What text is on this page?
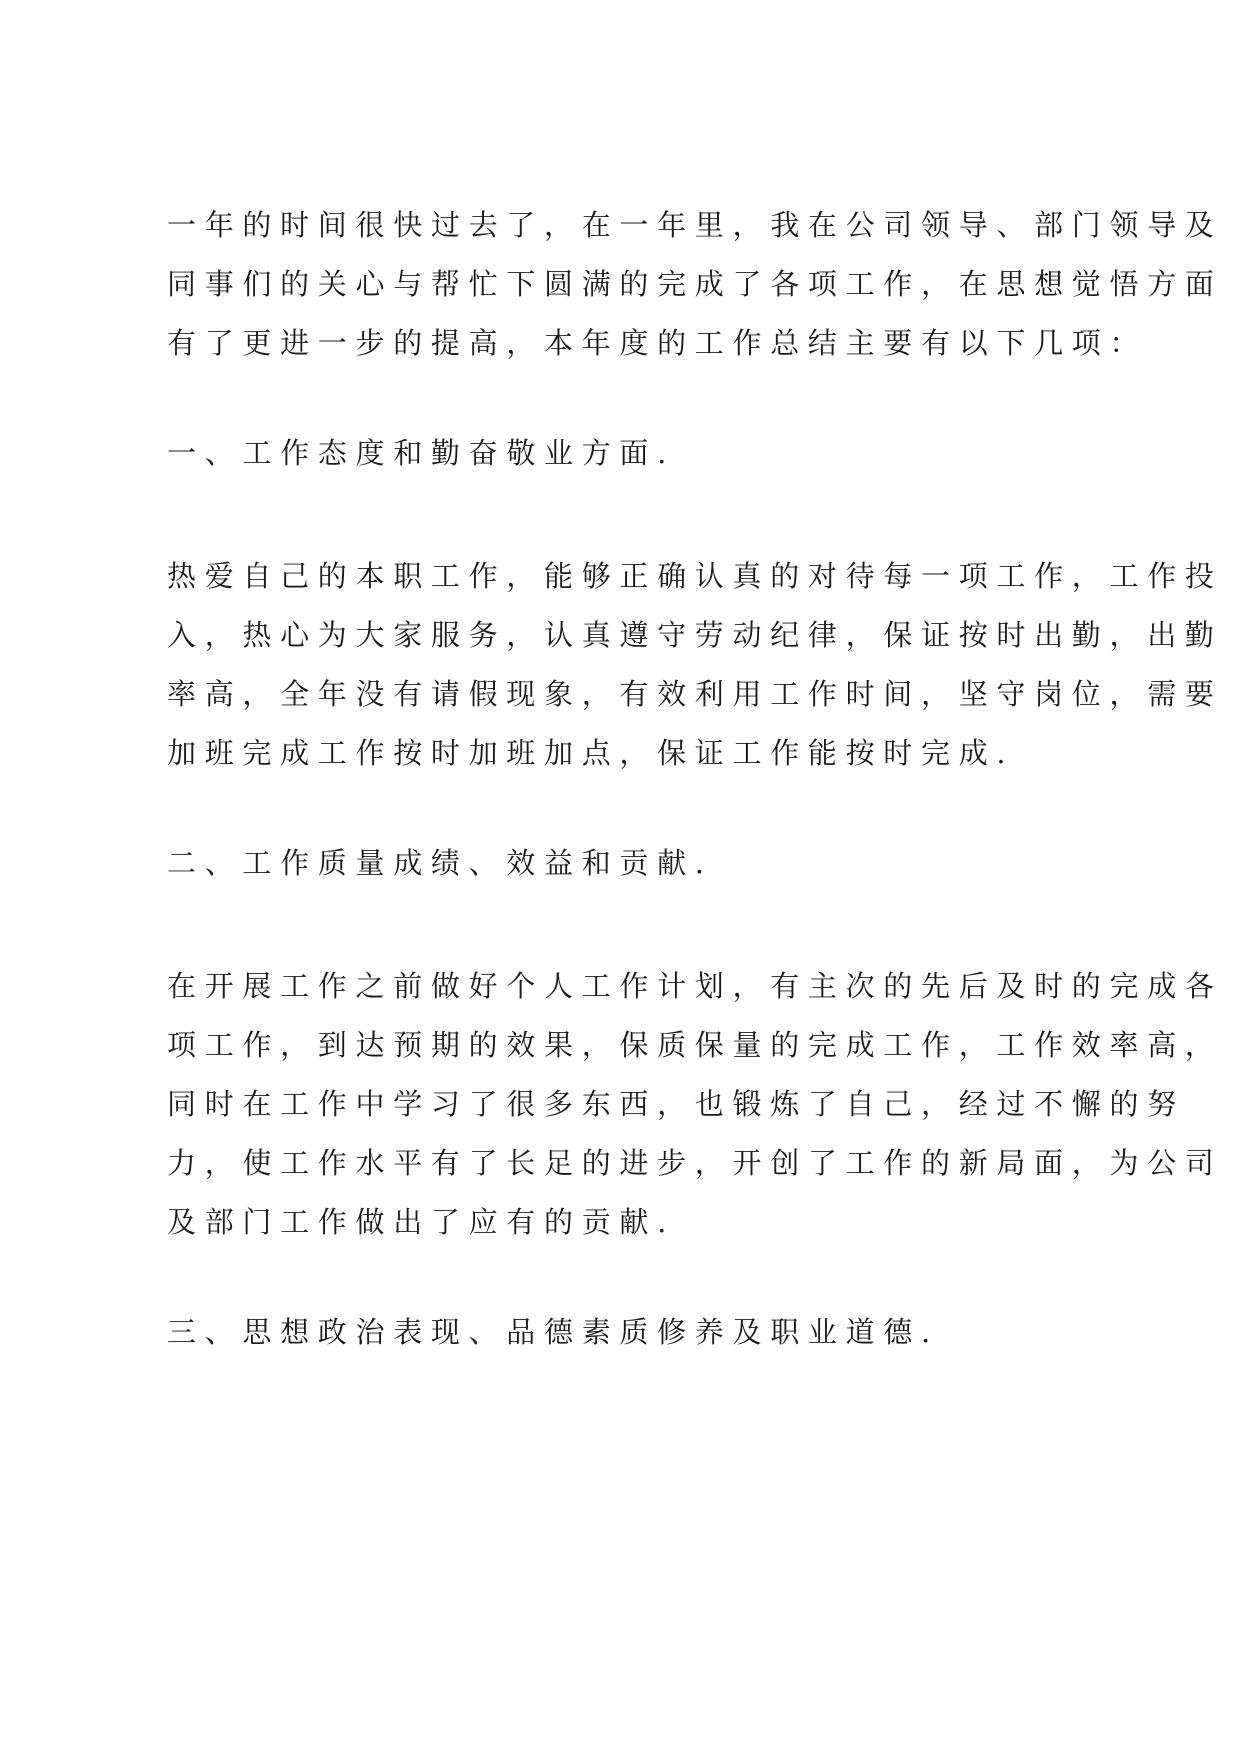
一年的时间很快过去了，在一年里，我在公司领导、部门领导及

同事们的关心与帮忙下圆满的完成了各项工作，在思想觉悟方面

有了更进一步的提高，本年度的工作总结主要有以下几项：

一、工作态度和勤奋敬业方面.

热爱自己的本职工作，能够正确认真的对待每一项工作，工作投

入，热心为大家服务，认真遵守劳动纪律，保证按时出勤，出勤

率高，全年没有请假现象，有效利用工作时间，坚守岗位，需要

加班完成工作按时加班加点，保证工作能按时完成.

二、工作质量成绩、效益和贡献.

在开展工作之前做好个人工作计划，有主次的先后及时的完成各

项工作，到达预期的效果，保质保量的完成工作，工作效率高，

同时在工作中学习了很多东西，也锻炼了自己，经过不懈的努

力，使工作水平有了长足的进步，开创了工作的新局面，为公司

及部门工作做出了应有的贡献.

三、思想政治表现、品德素质修养及职业道德.
